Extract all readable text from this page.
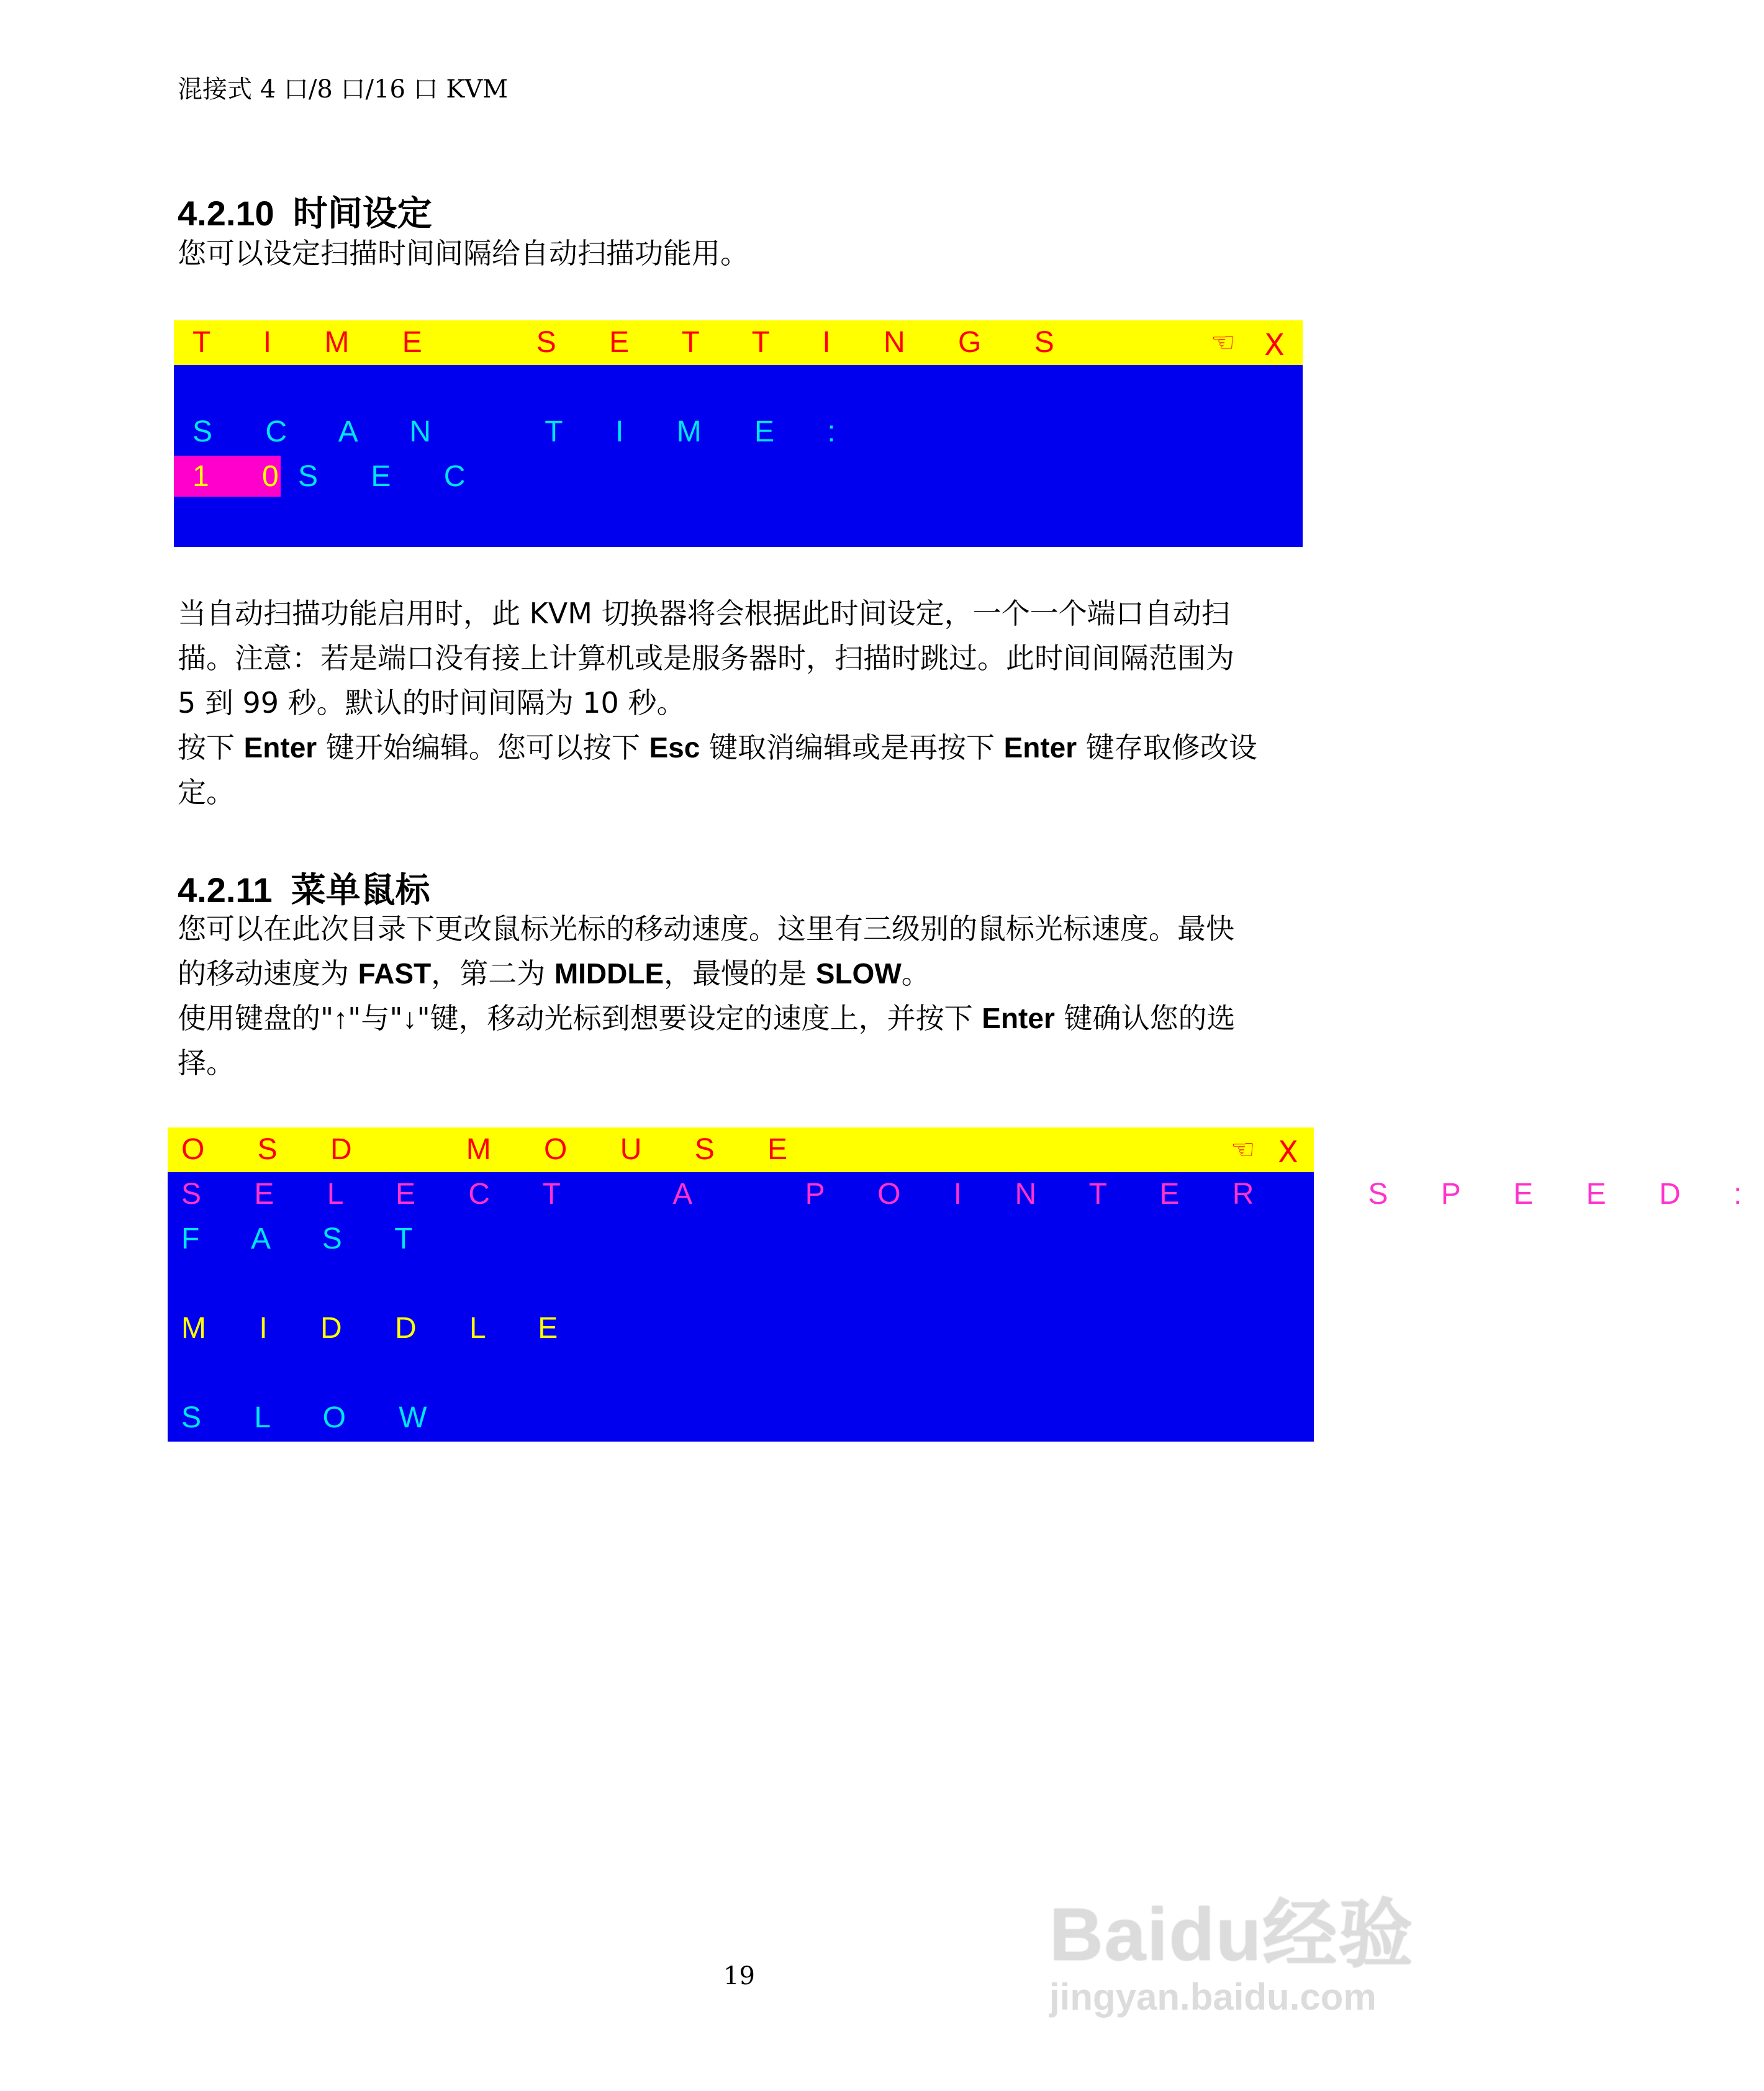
混接式 4 口/8 口/16 口 KVM
4.2.10 时间设定
您可以设定扫描时间间隔给自动扫描功能用。
T I M E   S E T T I N G S	☜ X
S C A N   T I M E :
1 0
S E C
当自动扫描功能启用时，此 KVM 切换器将会根据此时间设定，一个一个端口自动扫
描。注意：若是端口没有接上计算机或是服务器时，扫描时跳过。此时间间隔范围为
5 到 99 秒。默认的时间间隔为 10 秒。
按下 Enter 键开始编辑。您可以按下 Esc 键取消编辑或是再按下 Enter 键存取修改设
定。
4.2.11 菜单鼠标
您可以在此次目录下更改鼠标光标的移动速度。这里有三级别的鼠标光标速度。最快
的移动速度为 FAST，第二为 MIDDLE，最慢的是 SLOW。
使用键盘的"↑"与"↓"键，移动光标到想要设定的速度上，并按下 Enter 键确认您的选
择。
O S D   M O U S E	☜ X
S E L E C T   A   P O I N T E R   S P E E D :
F A S T
M I D D L E
S L O W
19	Baidu经验
jingyan.baidu.com
